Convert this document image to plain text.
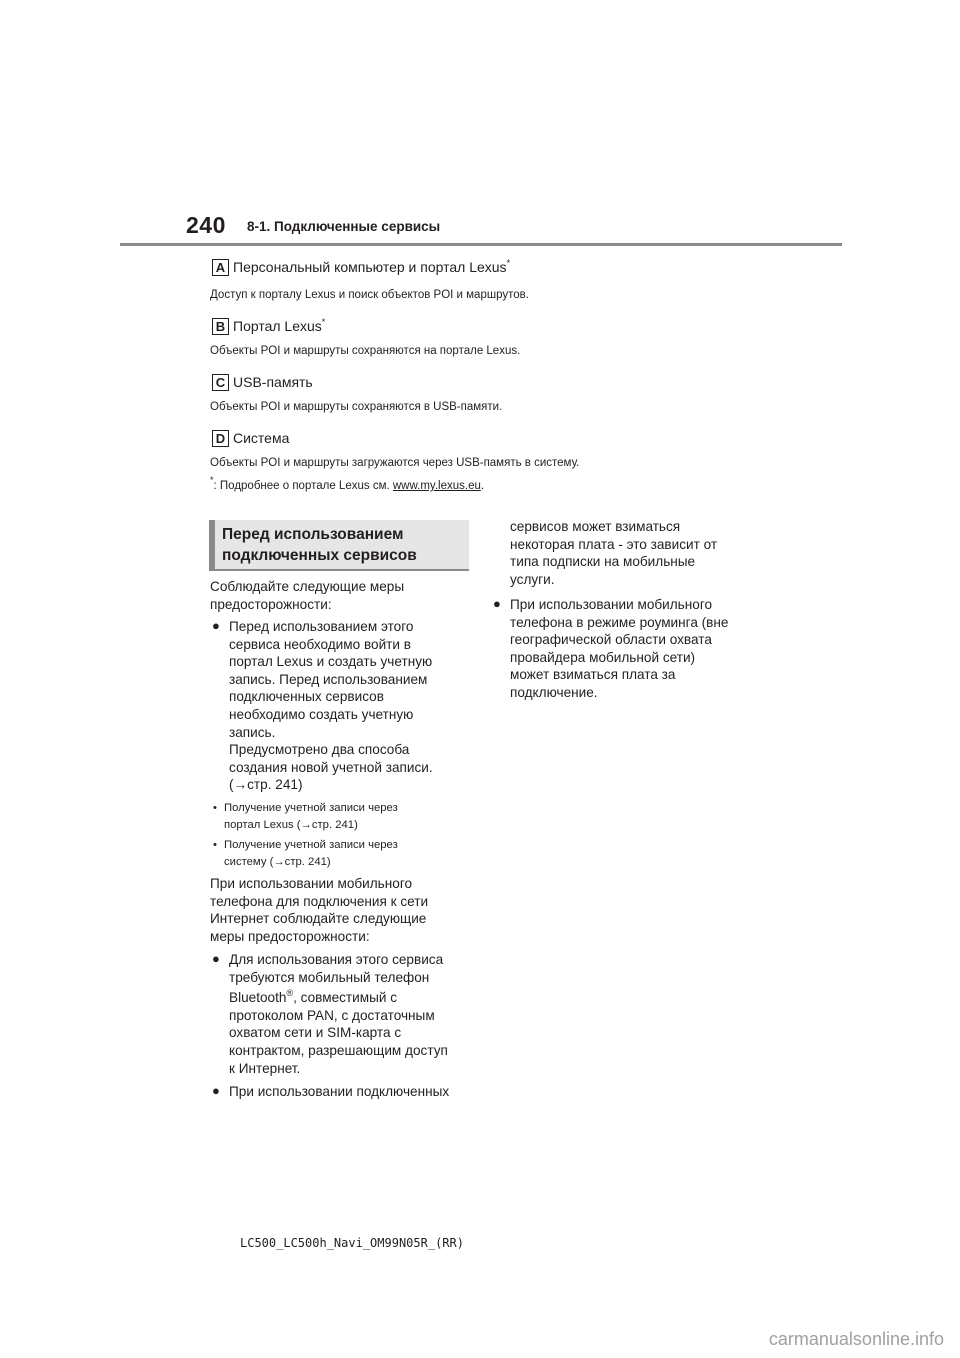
240 8-1. Подключенные сервисы
A Персональный компьютер и портал Lexus*
Доступ к порталу Lexus и поиск объектов POI и маршрутов.
B Портал Lexus*
Объекты POI и маршруты сохраняются на портале Lexus.
C USB-память
Объекты POI и маршруты сохраняются в USB-памяти.
D Система
Объекты POI и маршруты загружаются через USB-память в систему.
*: Подробнее о портале Lexus см. www.my.lexus.eu.
Перед использованием
подключенных сервисов
Соблюдайте следующие меры
предосторожности:
● Перед использованием этого
сервиса необходимо войти в
портал Lexus и создать учетную
запись. Перед использованием
подключенных сервисов
необходимо создать учетную
запись.
Предусмотрено два способа
создания новой учетной записи.
(→стр. 241)
• Получение учетной записи через
портал Lexus (→стр. 241)
• Получение учетной записи через
систему (→стр. 241)
При использовании мобильного
телефона для подключения к сети
Интернет соблюдайте следующие
меры предосторожности:
● Для использования этого сервиса
требуются мобильный телефон
Bluetooth®, совместимый с
протоколом PAN, с достаточным
охватом сети и SIM-карта с
контрактом, разрешающим доступ
к Интернет.
● При использовании подключенных
сервисов может взиматься
некоторая плата - это зависит от
типа подписки на мобильные
услуги.
● При использовании мобильного
телефона в режиме роуминга (вне
географической области охвата
провайдера мобильной сети)
может взиматься плата за
подключение.
LC500_LC500h_Navi_OM99N05R_(RR)
carmanualsonline.info
